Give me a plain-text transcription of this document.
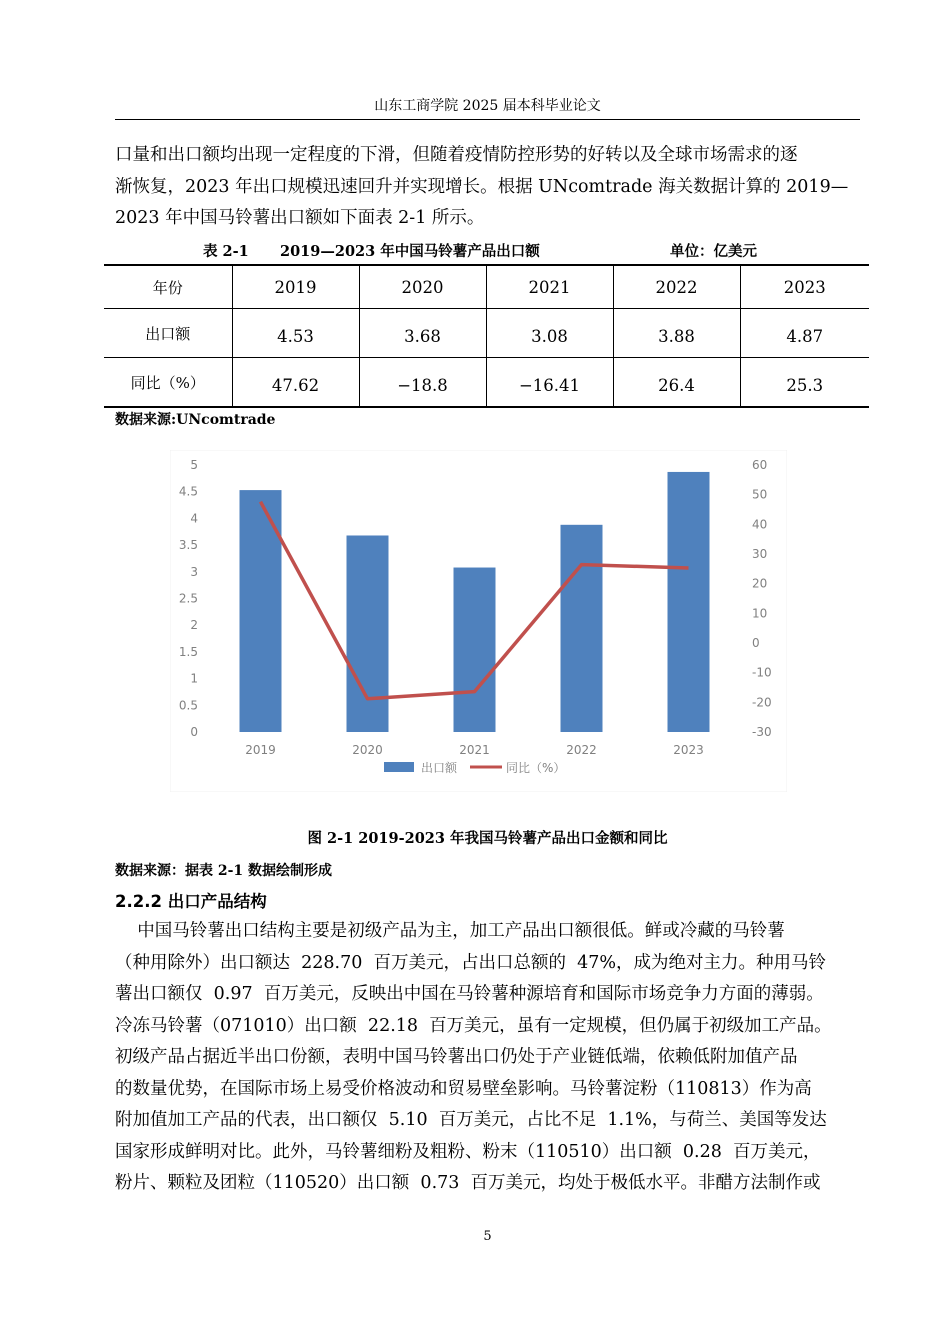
山东工商学院 2025 届本科毕业论文

口量和出口额均出现一定程度的下滑，但随着疫情防控形势的好转以及全球市场需求的逐
渐恢复，2023 年出口规模迅速回升并实现增长。根据 UNcomtrade 海关数据计算的 2019—
2023 年中国马铃薯出口额如下面表 2-1 所示。

表 2-1 2019—2023 年中国马铃薯产品出口额	单位：亿美元
年份	2019	2020	2021	2022	2023
出口额	4.53	3.68	3.08	3.88	4.87
同比（%）	47.62	−18.8	−16.41	26.4	25.3
数据来源:UNcomtrade
0
0.5
1
1.5
2
2.5
3
3.5
4
4.5
5
-30
-20
-10
0
10
20
30
40
50
60
2019	2020	2021	2022	2023
出口额	同比（%）
图 2-1 2019-2023 年我国马铃薯产品出口金额和同比
数据来源：据表 2-1 数据绘制形成
2.2.2 出口产品结构

中国马铃薯出口结构主要是初级产品为主，加工产品出口额很低。鲜或冷藏的马铃薯
（种用除外）出口额达  228.70  百万美元，占出口总额的  47%，成为绝对主力。种用马铃
薯出口额仅  0.97  百万美元，反映出中国在马铃薯种源培育和国际市场竞争力方面的薄弱。
冷冻马铃薯（071010）出口额  22.18  百万美元，虽有一定规模，但仍属于初级加工产品。
初级产品占据近半出口份额，表明中国马铃薯出口仍处于产业链低端，依赖低附加值产品
的数量优势，在国际市场上易受价格波动和贸易壁垒影响。马铃薯淀粉（110813）作为高
附加值加工产品的代表，出口额仅  5.10  百万美元，占比不足  1.1%，与荷兰、美国等发达
国家形成鲜明对比。此外，马铃薯细粉及粗粉、粉末（110510）出口额  0.28  百万美元，
粉片、颗粒及团粒（110520）出口额  0.73  百万美元，均处于极低水平。非醋方法制作或

5
